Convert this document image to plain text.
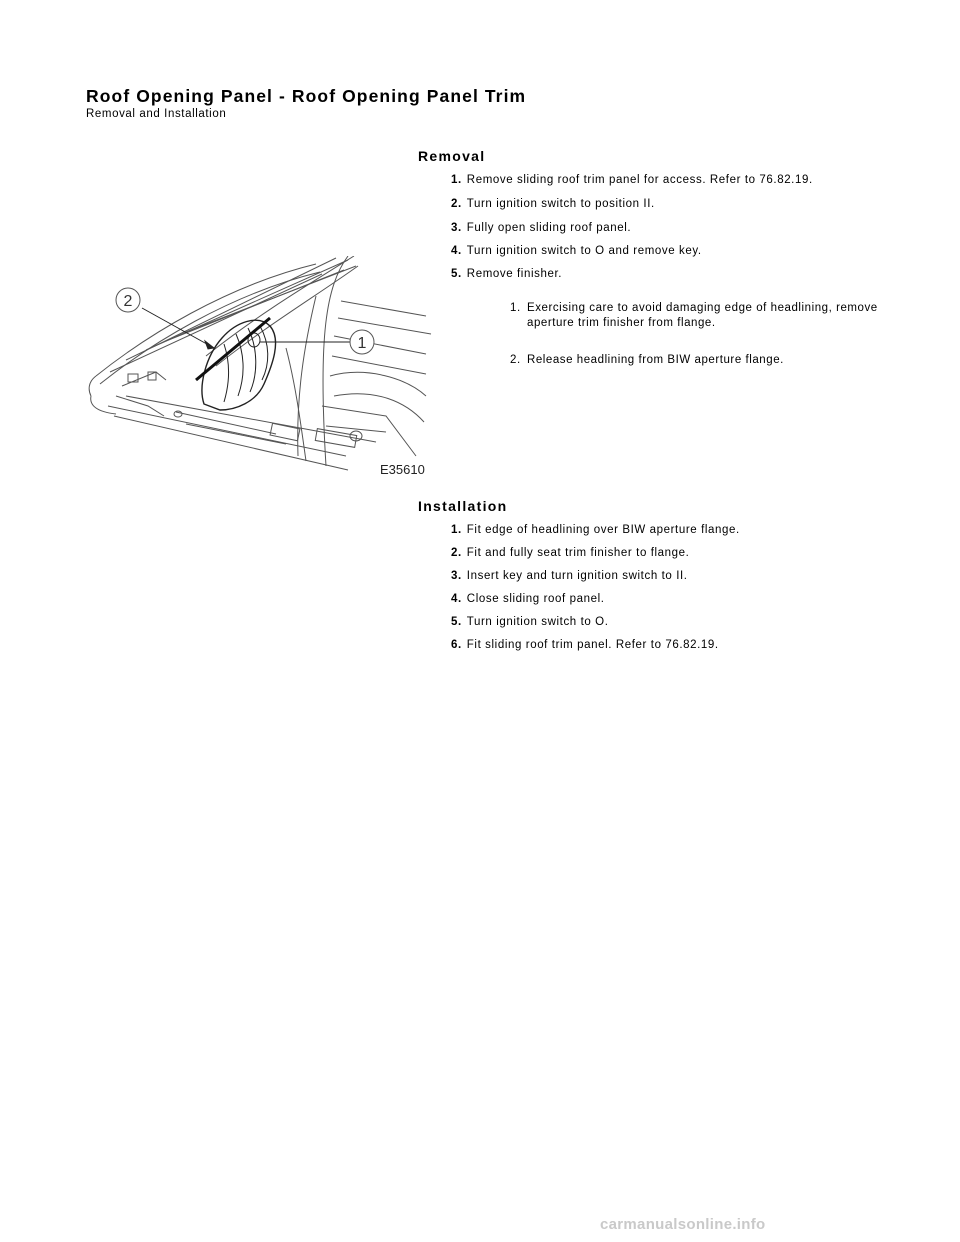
Roof Opening Panel - Roof Opening Panel Trim
Removal and Installation
Removal
1. Remove sliding roof trim panel for access. Refer to 76.82.19.
2. Turn ignition switch to position II.
3. Fully open sliding roof panel.
4. Turn ignition switch to O and remove key.
5. Remove finisher.
1. Exercising care to avoid damaging edge of headlining, remove aperture trim finisher from flange.
2. Release headlining from BIW aperture flange.
2
1
E35610
Installation
1. Fit edge of headlining over BIW aperture flange.
2. Fit and fully seat trim finisher to flange.
3. Insert key and turn ignition switch to II.
4. Close sliding roof panel.
5. Turn ignition switch to O.
6. Fit sliding roof trim panel. Refer to 76.82.19.
carmanualsonline.info
